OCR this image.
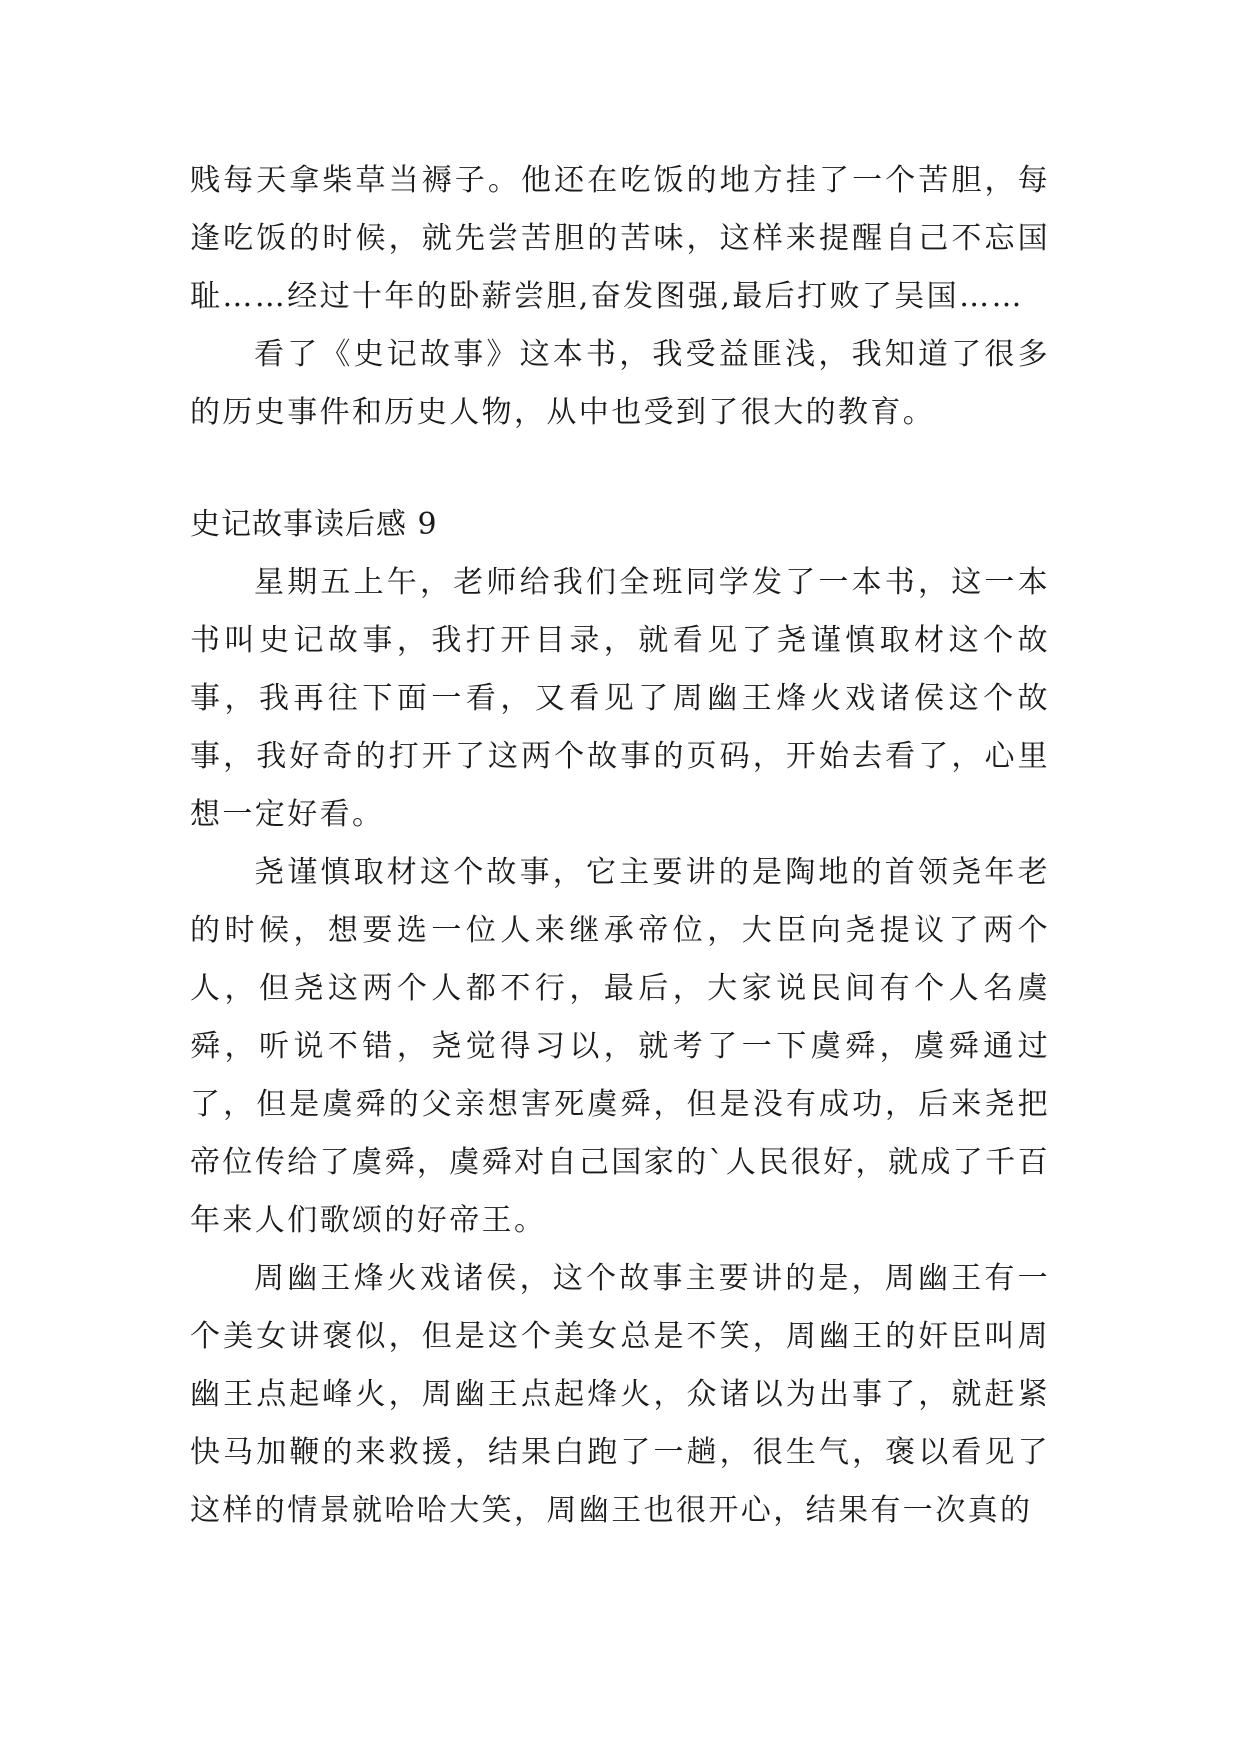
贱每天拿柴草当褥子。他还在吃饭的地方挂了一个苦胆，每逢吃饭的时候，就先尝苦胆的苦味，这样来提醒自己不忘国耻……经过十年的卧薪尝胆,奋发图强,最后打败了吴国……

看了《史记故事》这本书，我受益匪浅，我知道了很多的历史事件和历史人物，从中也受到了很大的教育。

史记故事读后感 9

星期五上午，老师给我们全班同学发了一本书，这一本书叫史记故事，我打开目录，就看见了尧谨慎取材这个故事，我再往下面一看，又看见了周幽王烽火戏诸侯这个故事，我好奇的打开了这两个故事的页码，开始去看了，心里想一定好看。

尧谨慎取材这个故事，它主要讲的是陶地的首领尧年老的时候，想要选一位人来继承帝位，大臣向尧提议了两个人，但尧这两个人都不行，最后，大家说民间有个人名虞舜，听说不错，尧觉得习以，就考了一下虞舜，虞舜通过了，但是虞舜的父亲想害死虞舜，但是没有成功，后来尧把帝位传给了虞舜，虞舜对自己国家的`人民很好，就成了千百年来人们歌颂的好帝王。

周幽王烽火戏诸侯，这个故事主要讲的是，周幽王有一个美女讲褒似，但是这个美女总是不笑，周幽王的奸臣叫周幽王点起峰火，周幽王点起烽火，众诸以为出事了，就赶紧快马加鞭的来救援，结果白跑了一趟，很生气，褒以看见了这样的情景就哈哈大笑，周幽王也很开心，结果有一次真的
